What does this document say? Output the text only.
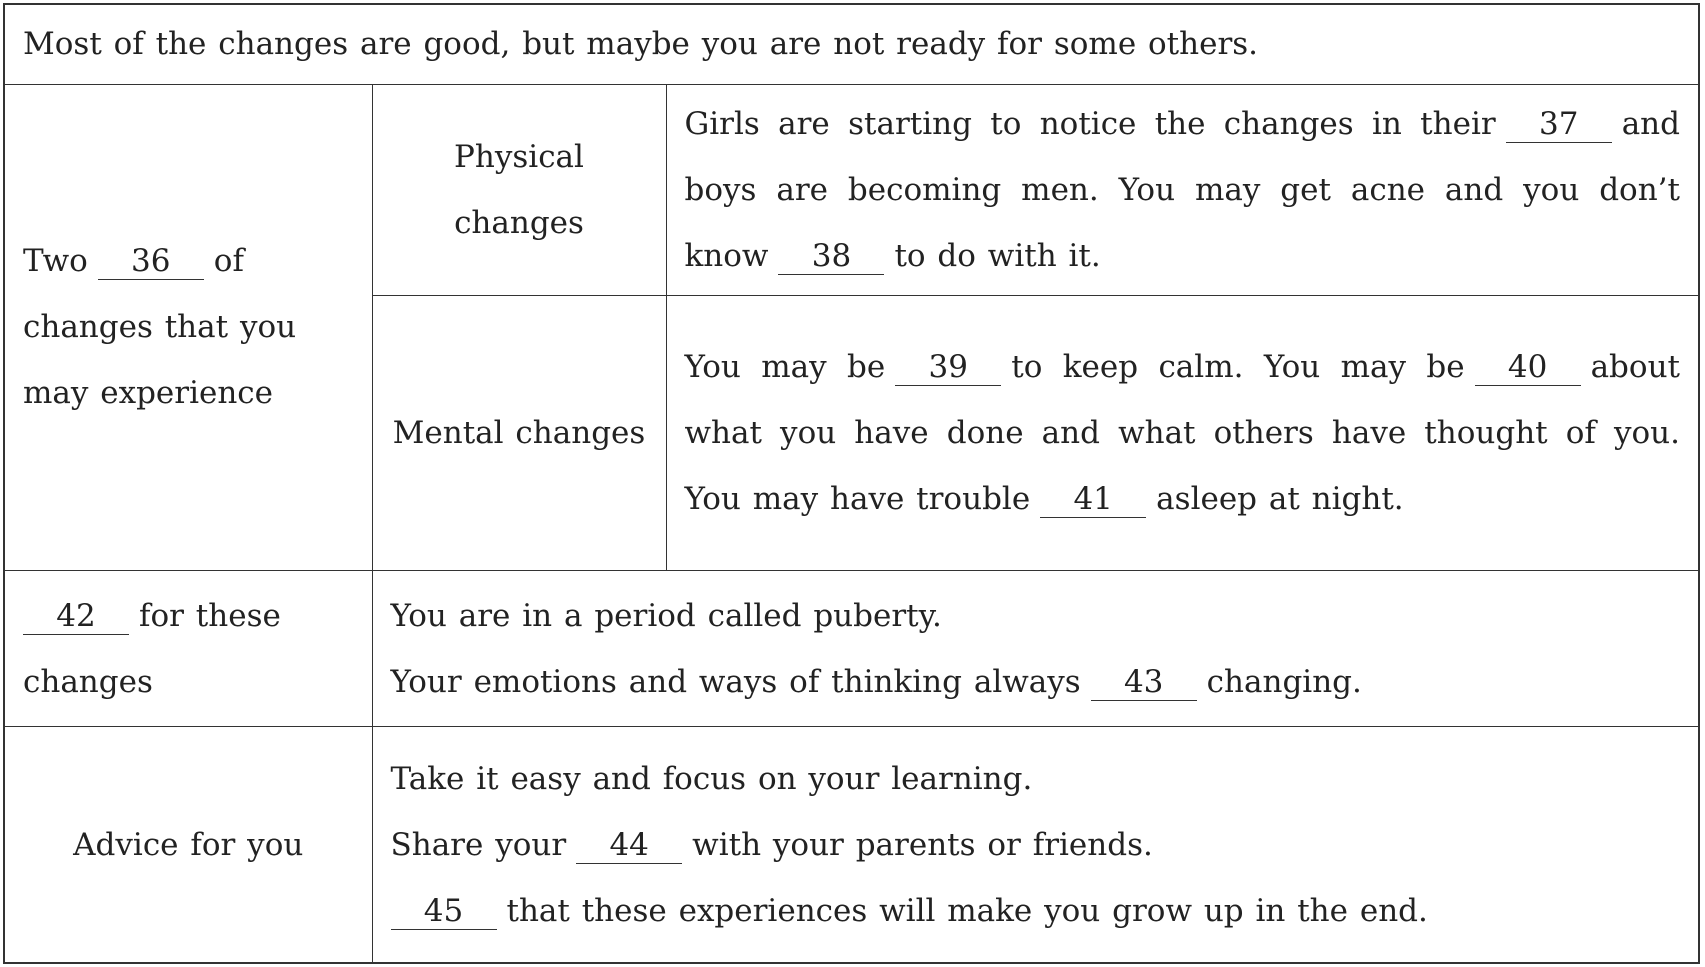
Most of the changes are good, but maybe you are not ready for some others.		
Two 36 of changes that you may experience	Physical changes	Girls are starting to notice the changes in their 37 and boys are becoming men. You may get acne and you don’t know 38 to do with it.
	Mental changes	You may be 39 to keep calm. You may be 40 about what you have done and what others have thought of you. You may have trouble 41 asleep at night.
42 for these changes	You are in a period called puberty.
Your emotions and ways of thinking always 43 changing.	

Advice for you	Take it easy and focus on your learning.
Share your 44 with your parents or friends.
45 that these experiences will make you grow up in the end.	
